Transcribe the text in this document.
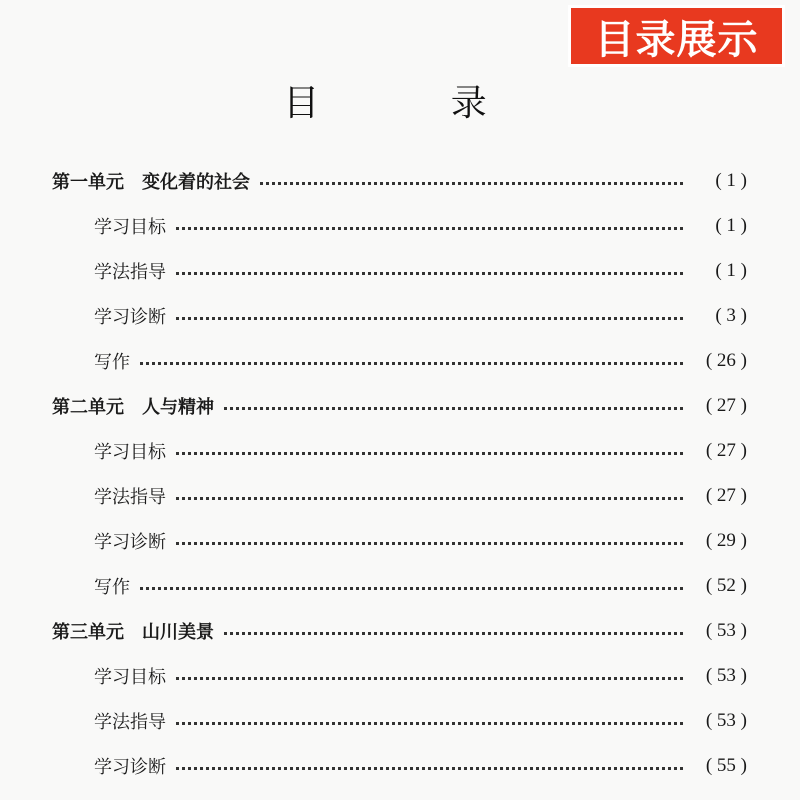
目录展示
目 录
第一单元　变化着的社会	( 1 )
学习目标	( 1 )
学法指导	( 1 )
学习诊断	( 3 )
写作	( 26 )
第二单元　人与精神	( 27 )
学习目标	( 27 )
学法指导	( 27 )
学习诊断	( 29 )
写作	( 52 )
第三单元　山川美景	( 53 )
学习目标	( 53 )
学法指导	( 53 )
学习诊断	( 55 )
